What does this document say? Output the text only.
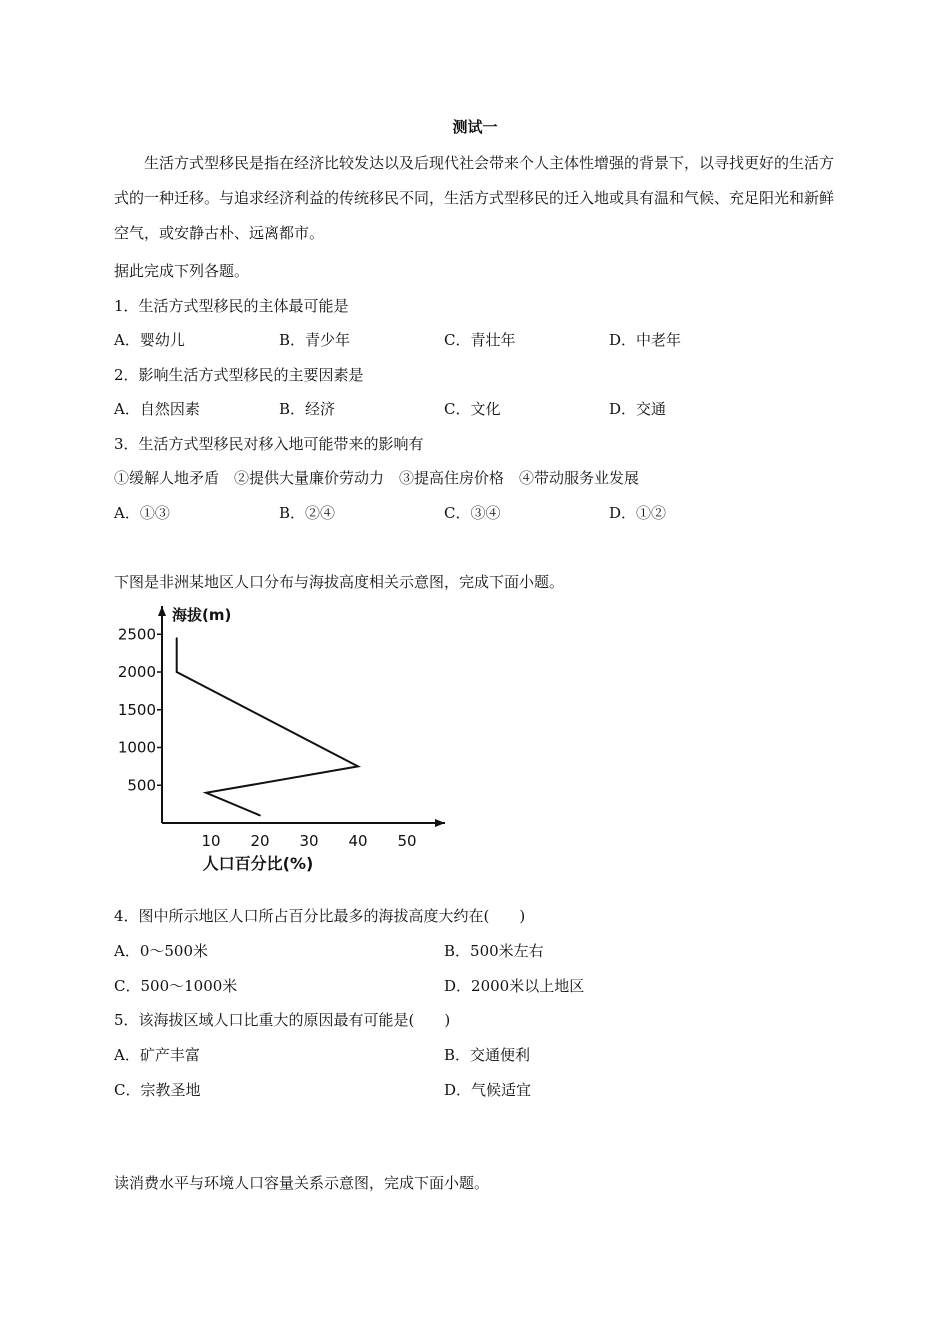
测试一
生活方式型移民是指在经济比较发达以及后现代社会带来个人主体性增强的背景下，以寻找更好的生活方式的一种迁移。与追求经济利益的传统移民不同，生活方式型移民的迁入地或具有温和气候、充足阳光和新鲜空气，或安静古朴、远离都市。
据此完成下列各题。
1．生活方式型移民的主体最可能是
A．婴幼儿	B．青少年	C．青壮年	D．中老年
2．影响生活方式型移民的主要因素是
A．自然因素	B．经济	C．文化	D．交通
3．生活方式型移民对移入地可能带来的影响有
①缓解人地矛盾　②提供大量廉价劳动力　③提高住房价格　④带动服务业发展
A．①③	B．②④	C．③④	D．①②
下图是非洲某地区人口分布与海拔高度相关示意图，完成下面小题。
500
1000
1500
2000
2500
10 20 30 40 50
海拔(m)
人口百分比(%)
4．图中所示地区人口所占百分比最多的海拔高度大约在(　　)
A．0～500米	B．500米左右
C．500～1000米	D．2000米以上地区
5．该海拔区域人口比重大的原因最有可能是(　　)
A．矿产丰富	B．交通便利
C．宗教圣地	D．气候适宜
读消费水平与环境人口容量关系示意图，完成下面小题。
